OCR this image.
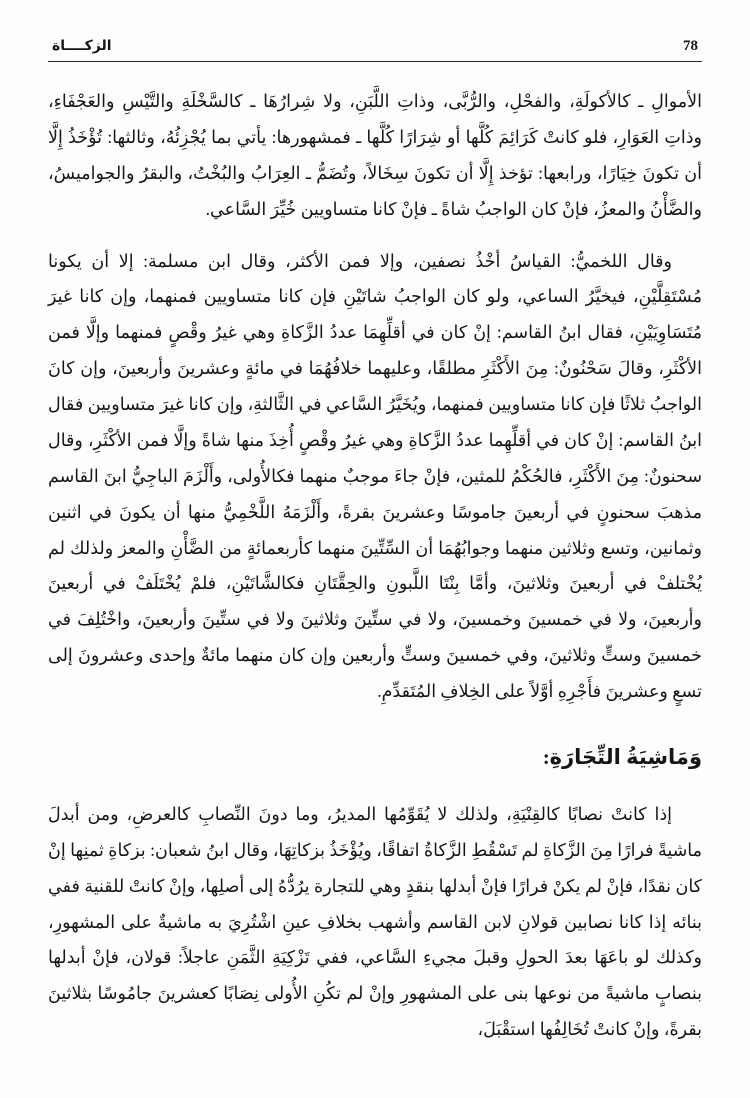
الزكــــاة	78

الأموالِ ـ كالأكولَةِ، والفحْلِ، والرُّبَّى، وذاتِ اللَّبَنِ، ولا شِرارُهَا ـ كالسَّخْلَةِ والتَّيْسِ والعَجْفَاءِ، وذاتِ العَوَارِ، فلو كانتْ كَرَائِمَ كُلَّها أو شِرَارًا كُلَّها ـ فمشهورها: يأتي بما يُجْزِئُهُ، وثالثها: تُؤْخَذُ إِلَّا أن تكونَ خِيَارًا، ورابعها: تؤخذ إِلَّا أن تكونَ سِخَالاً، وتُضَمُّ ـ العِرَابُ والبُخْتُ، والبقرُ والجواميسُ، والضَّأْنُ والمعزُ، فإنْ كان الواجبُ شاةً ـ فإنْ كانا متساويين خُيِّرَ السَّاعي.

وقال اللخميُّ: القياسُ أخْذُ نصفين، وإلا فمن الأكثر، وقال ابن مسلمة: إلا أن يكونا مُسْتَقِلَّيْنِ، فيخيَّرُ الساعي، ولو كان الواجبُ شاتَيْنِ فإن كانا متساويين فمنهما، وإن كانا غيرَ مُتَسَاوِيَيْنِ، فقال ابنُ القاسم: إنْ كان في أقلِّهِمَا عددُ الزَّكاةِ وهي غيرُ وقْصٍ فمنهما وإلَّا فمن الأكْثَرِ، وقالَ سَحْنُونٌ: مِنَ الأَكْثَرِ مطلقًا، وعليهما خلافُهُمَا في مائةٍ وعشرينَ وأربعينَ، وإن كانَ الواجبُ ثلاثًا فإن كانا متساويين فمنهما، ويُخَيَّرُ السَّاعي في الثَّالثةِ، وإن كانا غيرَ متساويين فقال ابنُ القاسم: إنْ كان في أقلِّهِما عددُ الزَّكاةِ وهي غيرُ وقْصٍ أُخِذَ منها شاةً وإلَّا فمن الأكْثَرِ، وقال سحنونٌ: مِنَ الأَكْثَرِ، فالحُكْمُ للمثين، فإنْ جاءَ موجبٌ منهما فكالأُولى، وأَلْزَمَ الباجِيُّ ابنَ القاسم مذهبَ سحنونٍ في أربعينَ جاموسًا وعشرينَ بقرةً، وأَلْزَمَهُ اللَّخْمِيُّ منها أن يكونَ في اثنين وثمانين، وتسع وثلاثين منهما وجوابُهُمَا أن السِّتِّينَ منهما كأربعمائةٍ من الضَّأْنِ والمعز ولذلك لم يُخْتلفْ في أربعينَ وثلاثينَ، وأمَّا بِنْتَا اللَّبونِ والحِقَّتَانِ فكالشَّاتَيْنِ، فلمْ يُخْتَلَفْ في أربعينَ وأربعينَ، ولا في خمسينَ وخمسينَ، ولا في ستِّينَ وثلاثينَ ولا في ستِّينَ وأربعينَ، واخْتُلِفَ في خمسينَ وستٍّ وثلاثينَ، وفي خمسينَ وستٍّ وأربعين وإن كان منهما مائةٌ وإحدى وعشرونَ إلى تسعٍ وعشرينَ فأَجْرِهِ أوَّلاً على الخِلافِ المُتَقدِّمِ.

وَمَاشِيَةُ التِّجَارَةِ:

إذا كانتْ نصابًا كالقِنْيَةِ، ولذلك لا يُقَوِّمُها المديرُ، وما دونَ النِّصابِ كالعرضِ، ومن أبدلَ ماشيةً فرارًا مِنَ الزَّكاةِ لم تَسْقُطِ الزَّكاةُ اتفاقًا، ويُؤْخَذُ بزكاتِهَا، وقال ابنُ شعبان: بزكاةِ ثمنِها إنْ كان نقدًا، فإنْ لم يكنْ فرارًا فإنْ أبدلها بنقدٍ وهي للتجارة يرُدُّهُ إلى أصلِها، وإنْ كانتْ للقنية ففي بنائه إذا كانا نصابين قولانِ لابن القاسم وأشهب بخلافِ عينِ اشْتُرِيَ به ماشيةٌ على المشهورِ، وكذلك لو باعَهَا بعدَ الحولِ وقبلَ مجيءِ السَّاعي، ففي تَزْكِيَةِ الثَّمَنِ عاجلاً: قولان، فإنْ أبدلها بنصابٍ ماشيةً من نوعها بنى على المشهورِ وإنْ لم تكُنِ الأُولى نِصَابًا كعشرينَ جامُوسًا بثلاثينَ بقرةً، وإنْ كانتْ تُخَالِفُها استقْبَلَ،
